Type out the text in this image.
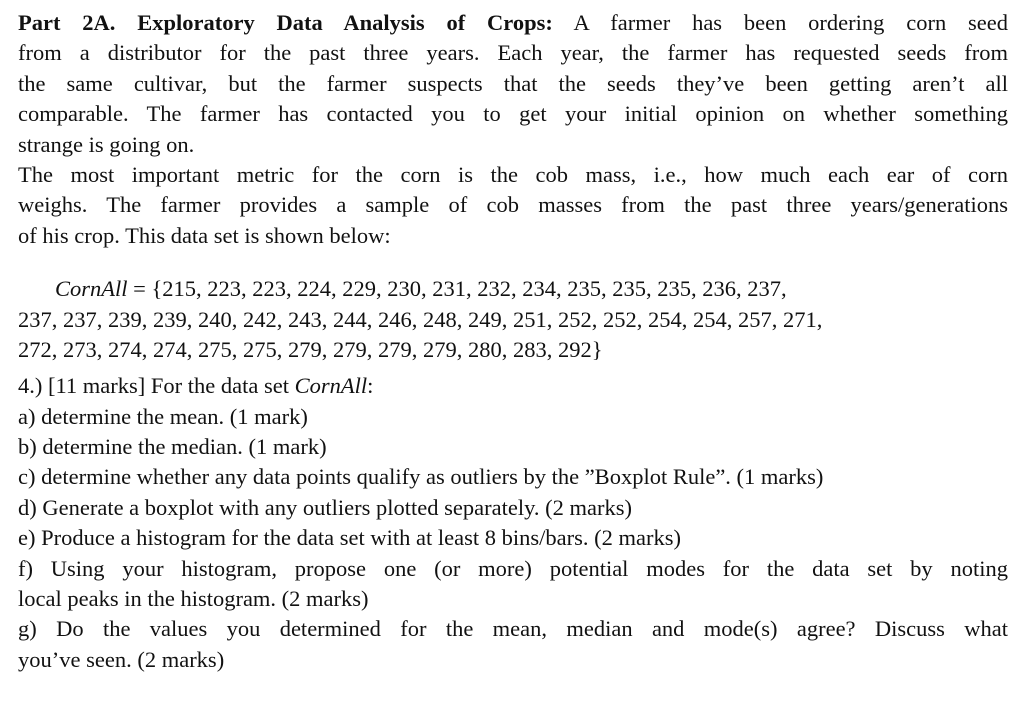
Part 2A. Exploratory Data Analysis of Crops: A farmer has been ordering corn seed
from a distributor for the past three years. Each year, the farmer has requested seeds from
the same cultivar, but the farmer suspects that the seeds they’ve been getting aren’t all
comparable. The farmer has contacted you to get your initial opinion on whether something
strange is going on.
The most important metric for the corn is the cob mass, i.e., how much each ear of corn
weighs. The farmer provides a sample of cob masses from the past three years/generations
of his crop. This data set is shown below:
CornAll = {215, 223, 223, 224, 229, 230, 231, 232, 234, 235, 235, 235, 236, 237,
237, 237, 239, 239, 240, 242, 243, 244, 246, 248, 249, 251, 252, 252, 254, 254, 257, 271,
272, 273, 274, 274, 275, 275, 279, 279, 279, 279, 280, 283, 292}
4.) [11 marks] For the data set CornAll:
a) determine the mean. (1 mark)
b) determine the median. (1 mark)
c) determine whether any data points qualify as outliers by the ”Boxplot Rule”. (1 marks)
d) Generate a boxplot with any outliers plotted separately. (2 marks)
e) Produce a histogram for the data set with at least 8 bins/bars. (2 marks)
f) Using your histogram, propose one (or more) potential modes for the data set by noting
local peaks in the histogram. (2 marks)
g) Do the values you determined for the mean, median and mode(s) agree? Discuss what
you’ve seen. (2 marks)
